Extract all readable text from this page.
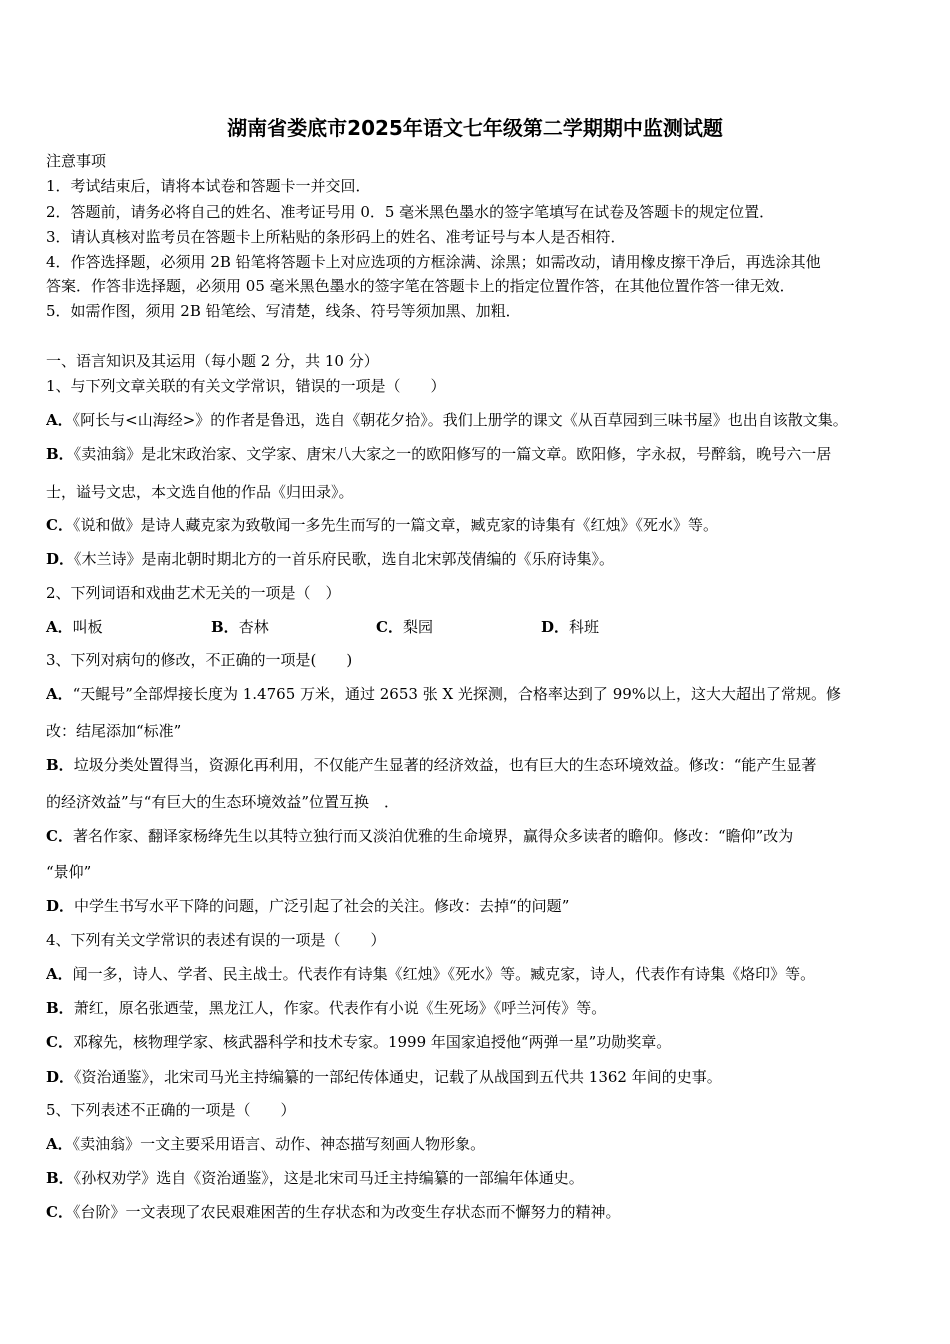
湖南省娄底市2025年语文七年级第二学期期中监测试题
注意事项
1．考试结束后，请将本试卷和答题卡一并交回．
2．答题前，请务必将自己的姓名、准考证号用 0．5 毫米黑色墨水的签字笔填写在试卷及答题卡的规定位置．
3．请认真核对监考员在答题卡上所粘贴的条形码上的姓名、准考证号与本人是否相符．
4．作答选择题，必须用 2B 铅笔将答题卡上对应选项的方框涂满、涂黑；如需改动，请用橡皮擦干净后，再选涂其他
答案．作答非选择题，必须用 05 毫米黑色墨水的签字笔在答题卡上的指定位置作答，在其他位置作答一律无效．
5．如需作图，须用 2B 铅笔绘、写清楚，线条、符号等须加黑、加粗．
一、语言知识及其运用（每小题 2 分，共 10 分）
1、与下列文章关联的有关文学常识，错误的一项是（　　）
A．《阿长与<山海经>》的作者是鲁迅，选自《朝花夕拾》。我们上册学的课文《从百草园到三味书屋》也出自该散文集。
B．《卖油翁》是北宋政治家、文学家、唐宋八大家之一的欧阳修写的一篇文章。欧阳修，字永叔，号醉翁，晚号六一居
士，谥号文忠，本文选自他的作品《归田录》。
C．《说和做》是诗人藏克家为致敬闻一多先生而写的一篇文章，臧克家的诗集有《红烛》《死水》等。
D．《木兰诗》是南北朝时期北方的一首乐府民歌，选自北宋郭茂倩编的《乐府诗集》。
2、下列词语和戏曲艺术无关的一项是（　）
A．叫板	B．杏林	C．梨园	D．科班
3、下列对病句的修改，不正确的一项是(　　)
A．“天鲲号”全部焊接长度为 1.4765 万米，通过 2653 张 X 光探测，合格率达到了 99%以上，这大大超出了常规。修
改：结尾添加“标准”
B．垃圾分类处置得当，资源化再利用，不仅能产生显著的经济效益，也有巨大的生态环境效益。修改：“能产生显著
的经济效益”与“有巨大的生态环境效益”位置互换　．
C．著名作家、翻译家杨绛先生以其特立独行而又淡泊优雅的生命境界，赢得众多读者的瞻仰。修改：“瞻仰”改为
“景仰”
D．中学生书写水平下降的问题，广泛引起了社会的关注。修改：去掉“的问题”
4、下列有关文学常识的表述有误的一项是（　　）
A．闻一多，诗人、学者、民主战士。代表作有诗集《红烛》《死水》等。臧克家，诗人，代表作有诗集《烙印》等。
B．萧红，原名张迺莹，黑龙江人，作家。代表作有小说《生死场》《呼兰河传》等。
C．邓稼先，核物理学家、核武器科学和技术专家。1999 年国家追授他“两弹一星”功勋奖章。
D．《资治通鉴》，北宋司马光主持编纂的一部纪传体通史，记载了从战国到五代共 1362 年间的史事。
5、下列表述不正确的一项是（　　）
A．《卖油翁》一文主要采用语言、动作、神态描写刻画人物形象。
B．《孙权劝学》选自《资治通鉴》，这是北宋司马迁主持编纂的一部编年体通史。
C．《台阶》一文表现了农民艰难困苦的生存状态和为改变生存状态而不懈努力的精神。
